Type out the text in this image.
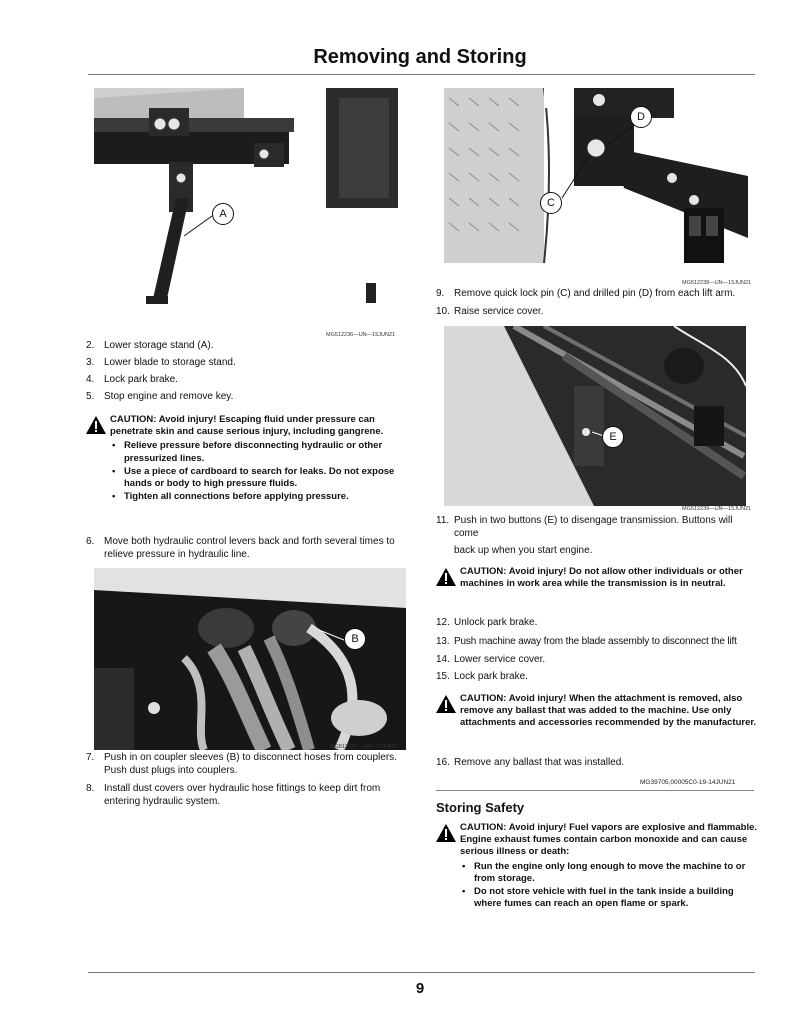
Removing and Storing
A
MG512236—UN—15JUN21
2. Lower storage stand (A).
3. Lower blade to storage stand.
4. Lock park brake.
5. Stop engine and remove key.
CAUTION: Avoid injury! Escaping fluid under pressure can penetrate skin and cause serious injury, including gangrene.
• Relieve pressure before disconnecting hydraulic or other pressurized lines.
• Use a piece of cardboard to search for leaks. Do not expose hands or body to high pressure fluids.
• Tighten all connections before applying pressure.
6. Move both hydraulic control levers back and forth several times to relieve pressure in hydraulic line.
B
MG512237—UN—15JUN21
7. Push in on coupler sleeves (B) to disconnect hoses from couplers. Push dust plugs into couplers.
8. Install dust covers over hydraulic hose fittings to keep dirt from entering hydraulic system.
D
C
MG512238—UN—15JUN21
9. Remove quick lock pin (C) and drilled pin (D) from each lift arm.
10. Raise service cover.
E
MG512239—UN—15JUN21
11. Push in two buttons (E) to disengage transmission. Buttons will come
back up when you start engine.
CAUTION: Avoid injury! Do not allow other individuals or other machines in work area while the transmission is in neutral.
12. Unlock park brake.
13. Push machine away from the blade assembly to disconnect the lift
14. Lower service cover.
15. Lock park brake.
CAUTION: Avoid injury! When the attachment is removed, also remove any ballast that was added to the machine. Use only attachments and accessories recommended by the manufacturer.
16. Remove any ballast that was installed.
MG39705,00005C0-19-14JUN21
Storing Safety
CAUTION: Avoid injury! Fuel vapors are explosive and flammable. Engine exhaust fumes contain carbon monoxide and can cause serious illness or death:
• Run the engine only long enough to move the machine to or from storage.
• Do not store vehicle with fuel in the tank inside a building where fumes can reach an open flame or spark.
9
